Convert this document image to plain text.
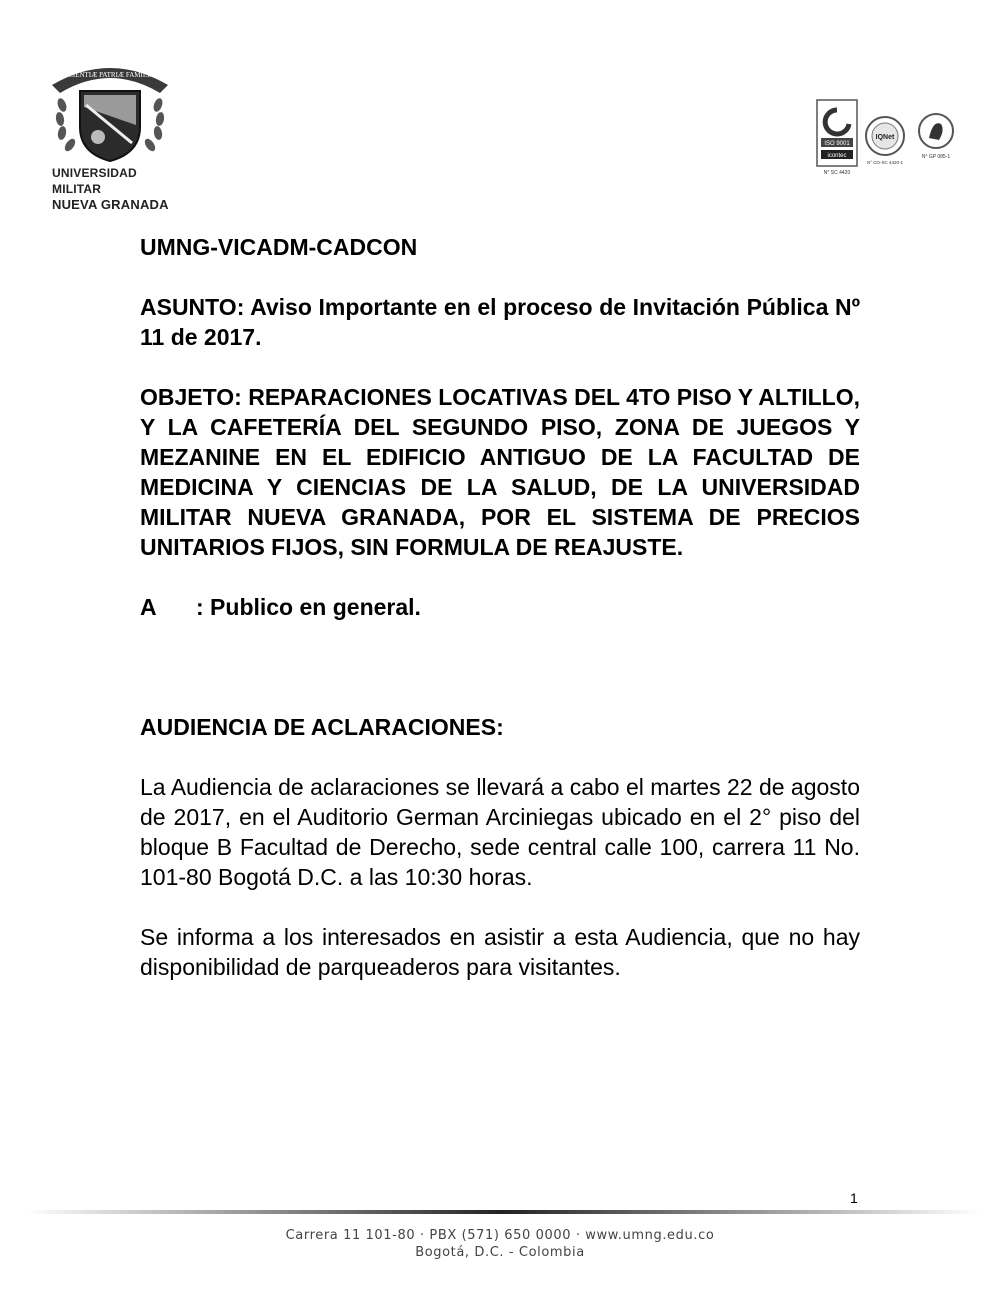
SCIENTIÆ PATRIÆ FAMILIÆ
UNIVERSIDAD MILITAR
NUEVA GRANADA
ISO 9001
icontec
N° SC 4420
IQNet
N° CO-SC 4420-1
N° GP 085-1

UMNG-VICADM-CADCON

ASUNTO: Aviso Importante en el proceso de Invitación Pública Nº 11 de 2017.

OBJETO: REPARACIONES LOCATIVAS DEL 4TO PISO Y ALTILLO, Y LA CAFETERÍA DEL SEGUNDO PISO, ZONA DE JUEGOS Y MEZANINE EN EL EDIFICIO ANTIGUO DE LA FACULTAD DE MEDICINA Y CIENCIAS DE LA SALUD, DE LA UNIVERSIDAD MILITAR NUEVA GRANADA, POR EL SISTEMA DE PRECIOS UNITARIOS FIJOS, SIN FORMULA DE REAJUSTE.

A : Publico en general.

AUDIENCIA DE ACLARACIONES:

La Audiencia de aclaraciones se llevará a cabo el martes 22 de agosto de 2017, en el Auditorio German Arciniegas ubicado en el 2° piso del bloque B Facultad de Derecho, sede central calle 100, carrera 11 No. 101-80 Bogotá D.C. a las 10:30 horas.

Se informa a los interesados en asistir a esta Audiencia, que no hay disponibilidad de parqueaderos para visitantes.

1
Carrera 11 101-80 · PBX (571) 650 0000 · www.umng.edu.co
Bogotá, D.C. - Colombia
